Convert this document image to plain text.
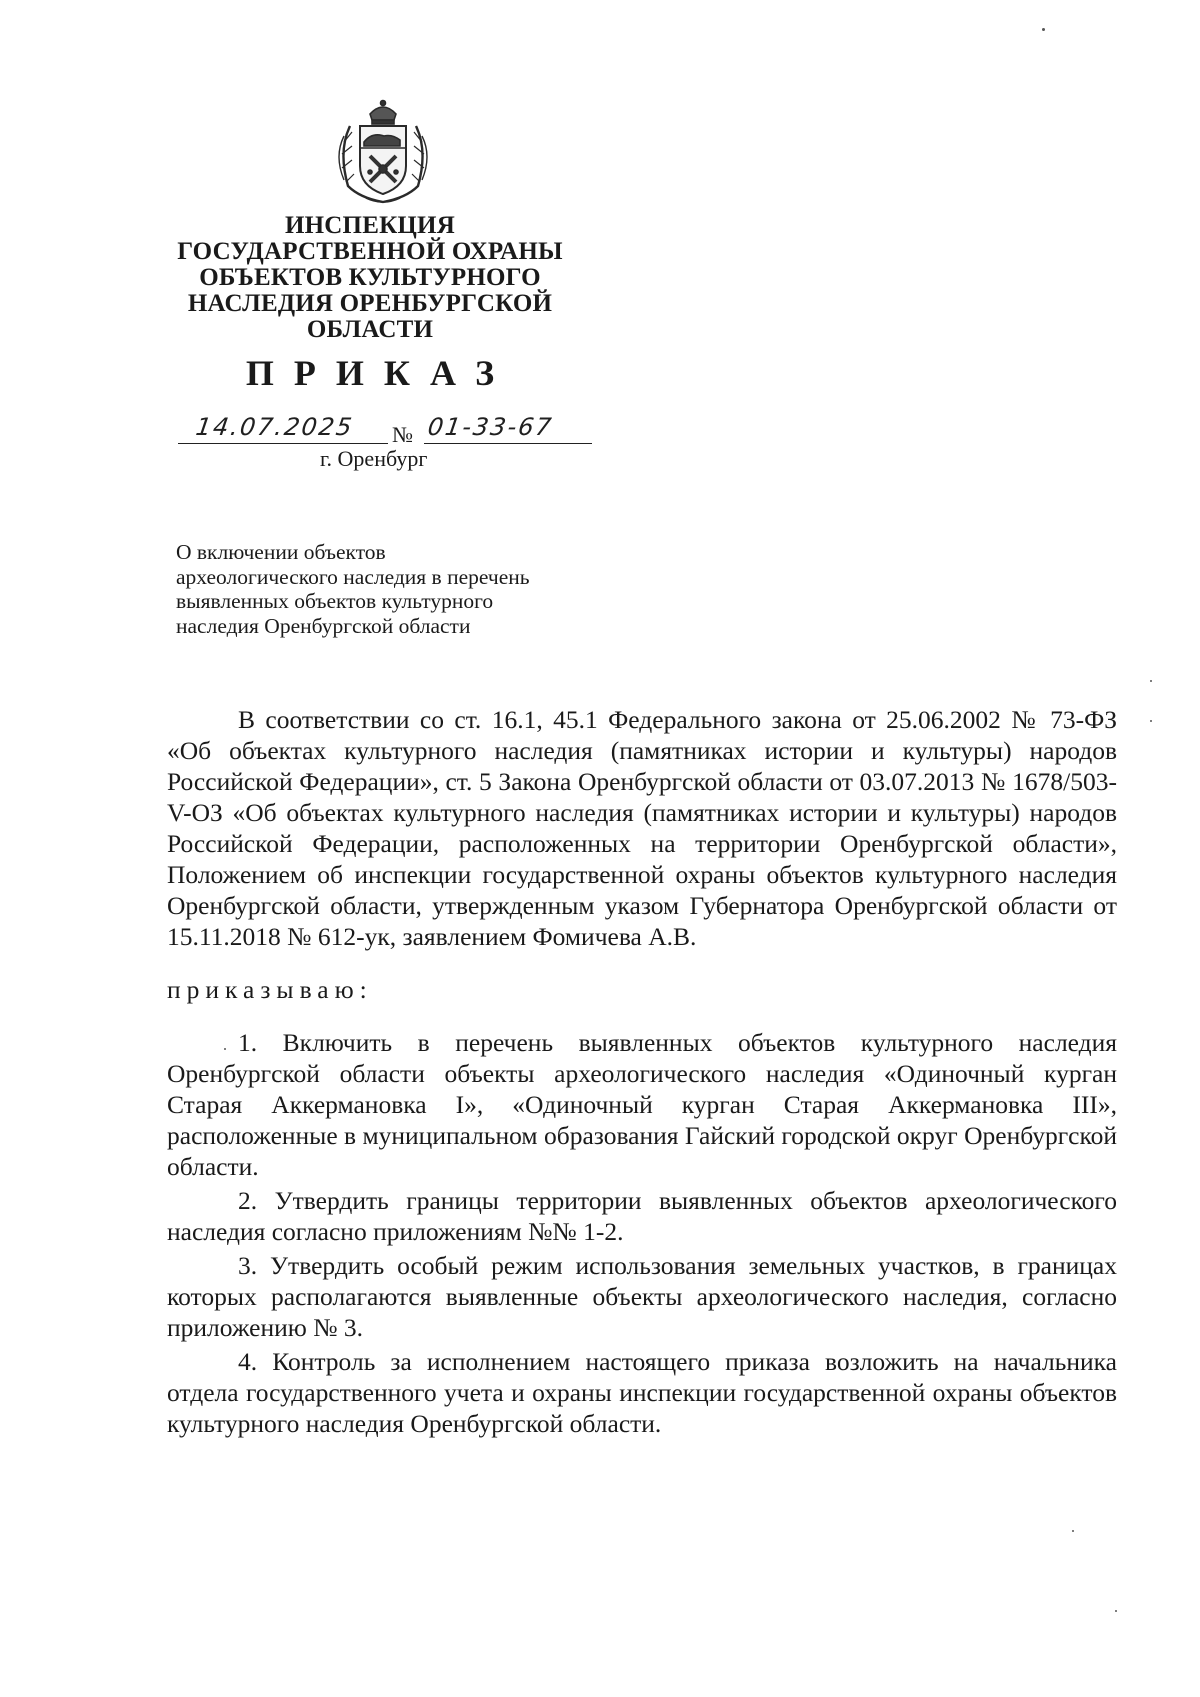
ИНСПЕКЦИЯ
ГОСУДАРСТВЕННОЙ ОХРАНЫ
ОБЪЕКТОВ КУЛЬТУРНОГО
НАСЛЕДИЯ ОРЕНБУРГСКОЙ
ОБЛАСТИ
ПРИКАЗ
14.07.2025 № 01-33-67
г. Оренбург
О включении объектов
археологического наследия в перечень
выявленных объектов культурного
наследия Оренбургской области

В соответствии со ст. 16.1, 45.1 Федерального закона от 25.06.2002 № 73-ФЗ «Об объектах культурного наследия (памятниках истории и культуры) народов Российской Федерации», ст. 5 Закона Оренбургской области от 03.07.2013 № 1678/503-V-ОЗ «Об объектах культурного наследия (памятниках истории и культуры) народов Российской Федерации, расположенных на территории Оренбургской области», Положением об инспекции государственной охраны объектов культурного наследия Оренбургской области, утвержденным указом Губернатора Оренбургской области от 15.11.2018 № 612-ук, заявлением Фомичева А.В.

приказываю:

1. Включить в перечень выявленных объектов культурного наследия Оренбургской области объекты археологического наследия «Одиночный курган Старая Аккермановка I», «Одиночный курган Старая Аккермановка III», расположенные в муниципальном образования Гайский городской округ Оренбургской области.

2. Утвердить границы территории выявленных объектов археологического наследия согласно приложениям №№ 1-2.

3. Утвердить особый режим использования земельных участков, в границах которых располагаются выявленные объекты археологического наследия, согласно приложению № 3.

4. Контроль за исполнением настоящего приказа возложить на начальника отдела государственного учета и охраны инспекции государственной охраны объектов культурного наследия Оренбургской области.
